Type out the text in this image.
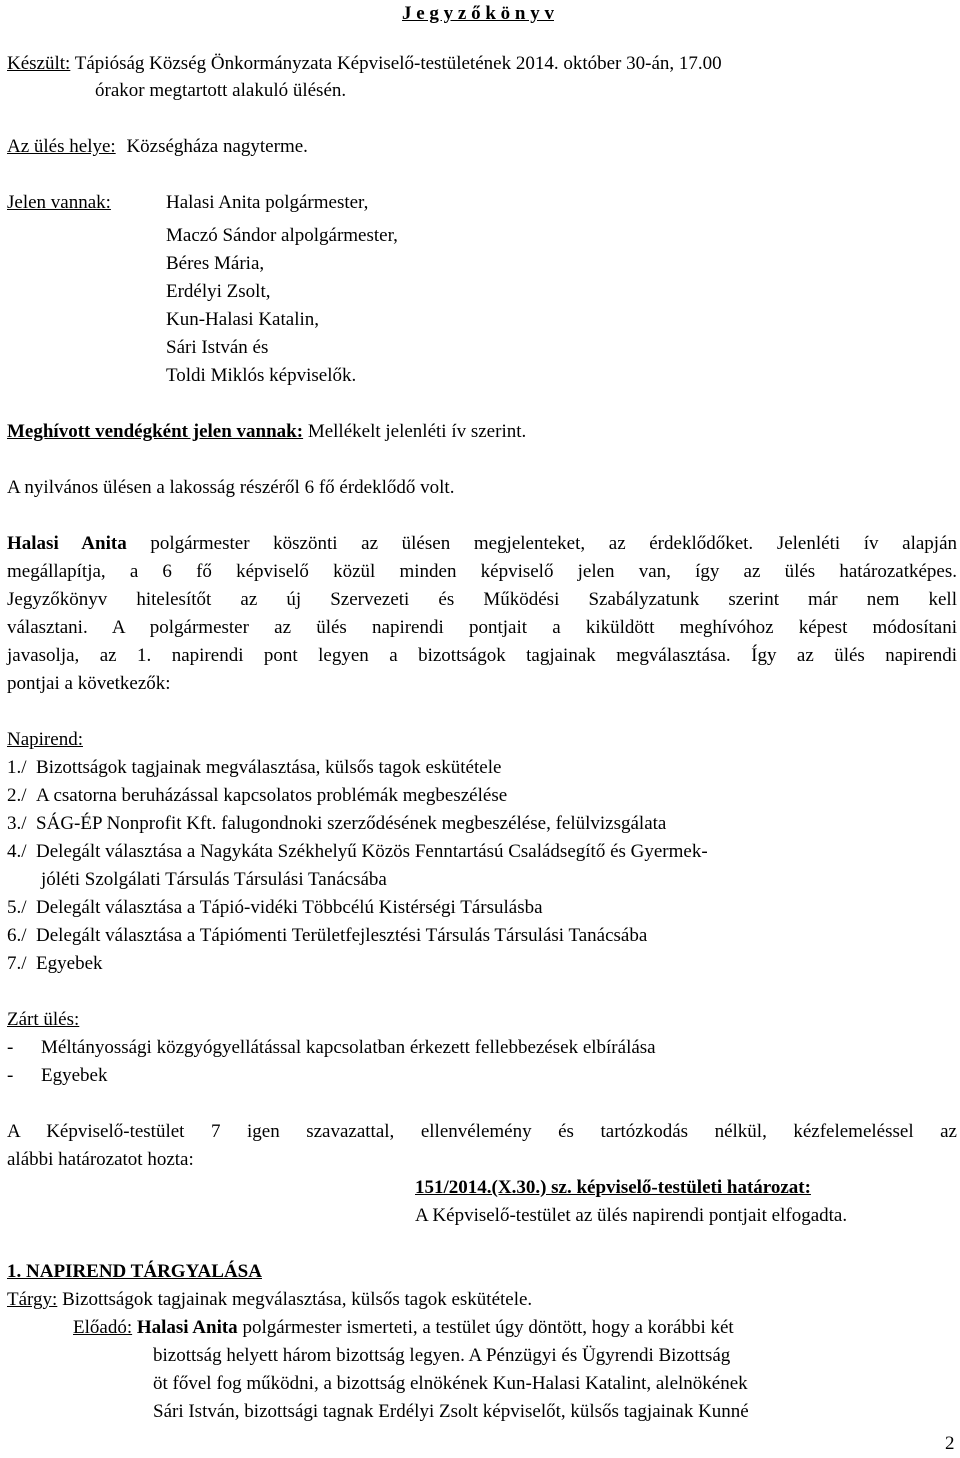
J e g y z ő k ö n y v
Készült: Tápióság Község Önkormányzata Képviselő-testületének 2014. október 30-án, 17.00
órakor megtartott alakuló ülésén.
Az ülés helye: Községháza nagyterme.
Jelen vannak:	Halasi Anita polgármester,
Maczó Sándor alpolgármester,
Béres Mária,
Erdélyi Zsolt,
Kun-Halasi Katalin,
Sári István és
Toldi Miklós képviselők.
Meghívott vendégként jelen vannak: Mellékelt jelenléti ív szerint.
A nyilvános ülésen a lakosság részéről 6 fő érdeklődő volt.
Halasi Anita polgármester köszönti az ülésen megjelenteket, az érdeklődőket. Jelenléti ív alapján
megállapítja, a 6 fő képviselő közül minden képviselő jelen van, így az ülés határozatképes.
Jegyzőkönyv hitelesítőt az új Szervezeti és Működési Szabályzatunk szerint már nem kell
választani. A polgármester az ülés napirendi pontjait a kiküldött meghívóhoz képest módosítani
javasolja, az 1. napirendi pont legyen a bizottságok tagjainak megválasztása. Így az ülés napirendi
pontjai a következők:
Napirend:
1./ Bizottságok tagjainak megválasztása, külsős tagok eskütétele
2./ A csatorna beruházással kapcsolatos problémák megbeszélése
3./ SÁG-ÉP Nonprofit Kft. falugondnoki szerződésének megbeszélése, felülvizsgálata
4./ Delegált választása a Nagykáta Székhelyű Közös Fenntartású Családsegítő és Gyermek-
jóléti Szolgálati Társulás Társulási Tanácsába
5./ Delegált választása a Tápió-vidéki Többcélú Kistérségi Társulásba
6./ Delegált választása a Tápiómenti Területfejlesztési Társulás Társulási Tanácsába
7./ Egyebek
Zárt ülés:
- Méltányossági közgyógyellátással kapcsolatban érkezett fellebbezések elbírálása
- Egyebek
A Képviselő-testület 7 igen szavazattal, ellenvélemény és tartózkodás nélkül, kézfelemeléssel az
alábbi határozatot hozta:
151/2014.(X.30.) sz. képviselő-testületi határozat:
A Képviselő-testület az ülés napirendi pontjait elfogadta.
1. NAPIREND TÁRGYALÁSA
Tárgy: Bizottságok tagjainak megválasztása, külsős tagok eskütétele.
Előadó: Halasi Anita polgármester ismerteti, a testület úgy döntött, hogy a korábbi két
bizottság helyett három bizottság legyen. A Pénzügyi és Ügyrendi Bizottság
öt fővel fog működni, a bizottság elnökének Kun-Halasi Katalint, alelnökének
Sári István, bizottsági tagnak Erdélyi Zsolt képviselőt, külsős tagjainak Kunné
2
